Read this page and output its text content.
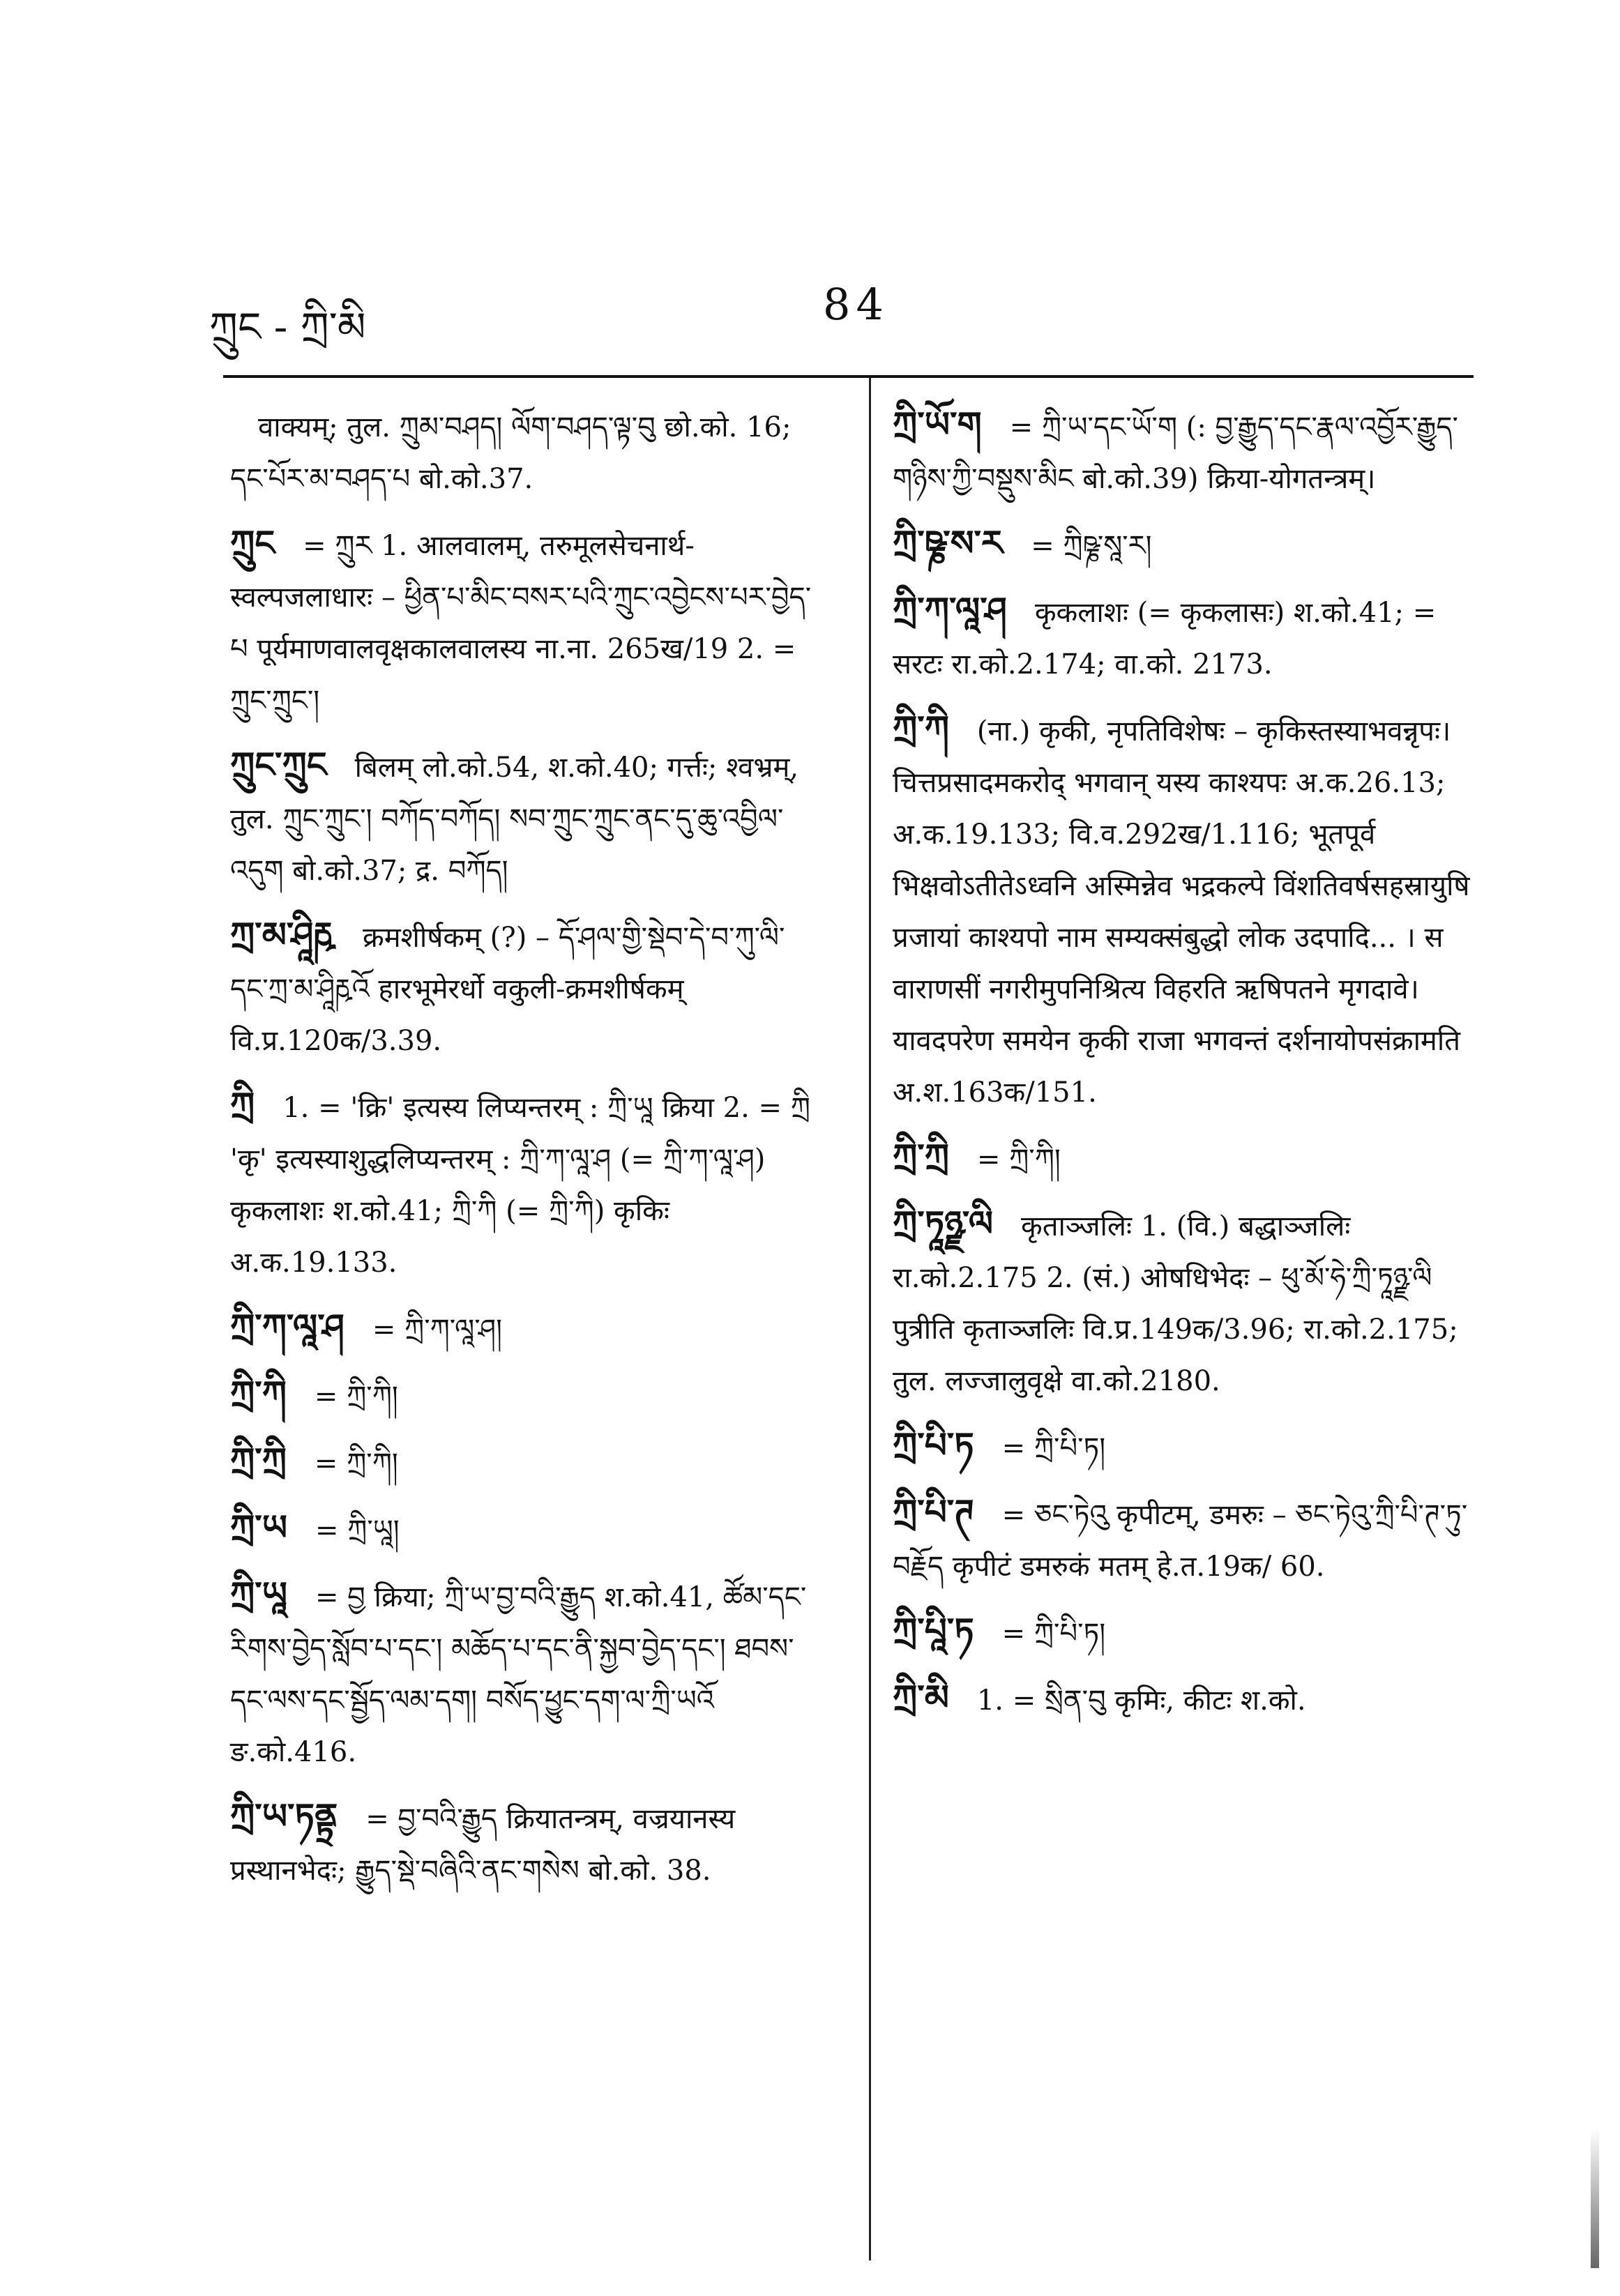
ཀྲུང - ཀྲི་མི	84
वाक्यम्; तुल. ཀྲུམ་བཤད། ལོག་བཤད་ལྟ་བུ छो.को. 16; དང་པོར་མ་བཤད་པ बो.को.37.
ཀྲུང = ཀྲུར 1. आलवालम्, तरुमूलसेचनार्थ-स्वल्पजलाधारः – ཕྱིན་པ་མིང་བསར་པའི་ཀྲུང་འབྱེངས་པར་བྱེད་པ पूर्यमाणवालवृक्षकालवालस्य ना.ना. 265ख/19 2. = ཀྲུང་ཀྲུང་།
ཀྲུང་ཀྲུང बिलम् लो.को.54, श.को.40; गर्त्तः; श्वभ्रम्, तुल. ཀྲུང་ཀྲུང་། བཀོད་བཀོད། སབ་ཀྲུང་ཀྲུང་ནང་དུ་ཆུ་འབྱིལ་འདུག बो.को.37; द्र. བཀོད།
ཀྲ་མ་ཤཱིརྵ क्रमशीर्षकम् (?) – དོ་ཤལ་གྱི་སྡེབ་དེ་བ་ཀུ་ལི་དང་ཀྲ་མ་ཤཱིརྵའོ हारभूमेरर्धो वकुली-क्रमशीर्षकम् वि.प्र.120क/3.39.
ཀྲི 1. = 'क्रि' इत्यस्य लिप्यन्तरम् : ཀྲི་ཡཱ क्रिया 2. = ཀྲི 'कृ' इत्यस्याशुद्धलिप्यन्तरम् : ཀྲི་ཀ་ལཱ་ཤ (= ཀྲི་ཀ་ལཱ་ཤ) कृकलाशः श.को.41; ཀྲི་ཀི (= ཀྲི་ཀི) कृकिः अ.क.19.133.
ཀྲི་ཀ་ལཱ་ཤ = ཀྲི་ཀ་ལཱ་ཤ།
ཀྲི་ཀི = ཀྲི་ཀི།
ཀྲི་ཀྲི = ཀྲི་ཀི།
ཀྲི་ཡ = ཀྲི་ཡཱ།
ཀྲི་ཡཱ = བྱ क्रिया; ཀྲི་ཡ་བྱ་བའི་རྒྱུད श.को.41, ཚོམ་དང་རིགས་བྱེད་སློབ་པ་དང་། མཆོད་པ་དང་ནི་སྐྱབ་བྱེད་དང་། ཐབས་དང་ལས་དང་སྦྱོད་ལམ་དག། བསོད་ཕྱུང་དག་ལ་ཀྲི་ཡའོ ङ.को.416.
ཀྲི་ཡ་ཏནྟྲ = བྱ་བའི་རྒྱུད क्रियातन्त्रम्, वज्रयानस्य प्रस्थानभेदः; རྒྱུད་སྡེ་བཞིའི་ནང་གསེས बो.को. 38.
ཀྲི་ཡོ་ག = ཀྲི་ཡ་དང་ཡོ་ག (: བྱ་རྒྱུད་དང་རྣལ་འབྱོར་རྒྱུད་གཉིས་ཀྱི་བསྡུས་མིང बो.को.39) क्रिया-योगतन्त्रम्।
ཀྲི་ཥྞ་ས་ར = ཀྲིཥྞ་སཱ་ར།
ཀྲི་ཀ་ལཱ་ཤ कृकलाशः (= कृकलासः) श.को.41; = सरटः रा.को.2.174; वा.को. 2173.
ཀྲི་ཀི (ना.) कृकी, नृपतिविशेषः – कृकिस्तस्याभवन्नृपः। चित्तप्रसादमकरोद् भगवान् यस्य काश्यपः अ.क.26.13; अ.क.19.133; वि.व.292ख/1.116; भूतपूर्व भिक्षवोऽतीतेऽध्वनि अस्मिन्नेव भद्रकल्पे विंशतिवर्षसहस्रायुषि प्रजायां काश्यपो नाम सम्यक्संबुद्धो लोक उदपादि... । स वाराणसीं नगरीमुपनिश्रित्य विहरति ऋषिपतने मृगदावे। यावदपरेण समयेन कृकी राजा भगवन्तं दर्शनायोपसंक्रामति अ.श.163क/151.
ཀྲི་ཀྲི = ཀྲི་ཀི།
ཀྲི་ཏཱཉྫ་ལི कृताञ्जलिः 1. (वि.) बद्धाञ्जलिः रा.को.2.175 2. (सं.) ओषधिभेदः – ཕུ་མོ་ཧེ་ཀྲི་ཏཱཉྫ་ལི पुत्रीति कृताञ्जलिः वि.प्र.149क/3.96; रा.को.2.175; तुल. लज्जालुवृक्षे वा.को.2180.
ཀྲི་པི་ཏ = ཀྲི་པི་ཏ།
ཀྲི་པི་ཊ = ཅང་ཏེའུ कृपीटम्, डमरुः – ཅང་ཏེའུ་ཀྲི་པི་ཊ་ཏུ་བརྗོད कृपीटं डमरुकं मतम् हे.त.19क/ 60.
ཀྲི་པཱི་ཏ = ཀྲི་པི་ཏ།
ཀྲི་མི 1. = སྲིན་བུ कृमिः, कीटः श.को.
